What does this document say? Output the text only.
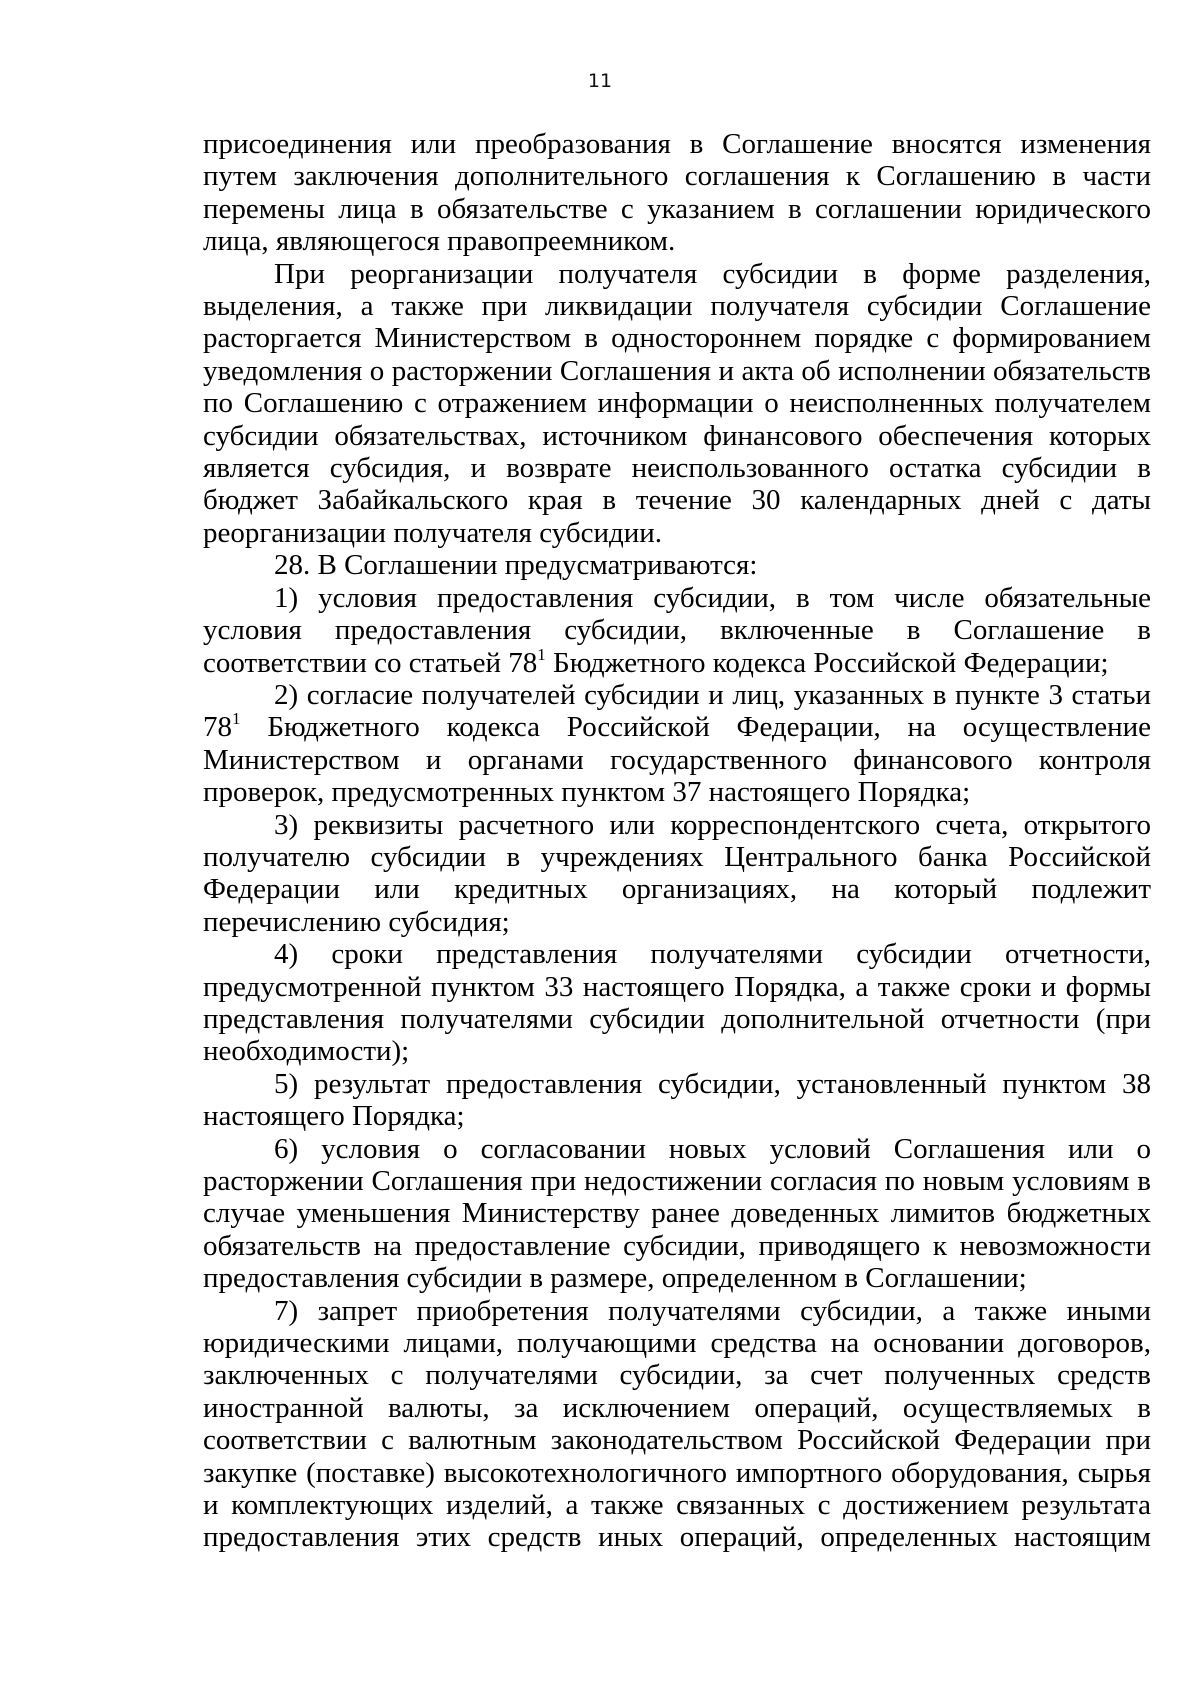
11

присоединения или преобразования в Соглашение вносятся изменения путем заключения дополнительного соглашения к Соглашению в части перемены лица в обязательстве с указанием в соглашении юридического лица, являющегося правопреемником.

При реорганизации получателя субсидии в форме разделения, выделения, а также при ликвидации получателя субсидии Соглашение расторгается Министерством в одностороннем порядке с формированием уведомления о расторжении Соглашения и акта об исполнении обязательств по Соглашению с отражением информации о неисполненных получателем субсидии обязательствах, источником финансового обеспечения которых является субсидия, и возврате неиспользованного остатка субсидии в бюджет Забайкальского края в течение 30 календарных дней с даты реорганизации получателя субсидии.

28. В Соглашении предусматриваются:

1) условия предоставления субсидии, в том числе обязательные условия предоставления субсидии, включенные в Соглашение в соответствии со статьей $78^1$ Бюджетного кодекса Российской Федерации;

2) согласие получателей субсидии и лиц, указанных в пункте 3 статьи $78^1$ Бюджетного кодекса Российской Федерации, на осуществление Министерством и органами государственного финансового контроля проверок, предусмотренных пунктом 37 настоящего Порядка;

3) реквизиты расчетного или корреспондентского счета, открытого получателю субсидии в учреждениях Центрального банка Российской Федерации или кредитных организациях, на который подлежит перечислению субсидия;

4) сроки представления получателями субсидии отчетности, предусмотренной пунктом 33 настоящего Порядка, а также сроки и формы представления получателями субсидии дополнительной отчетности (при необходимости);

5) результат предоставления субсидии, установленный пунктом 38 настоящего Порядка;

6) условия о согласовании новых условий Соглашения или о расторжении Соглашения при недостижении согласия по новым условиям в случае уменьшения Министерству ранее доведенных лимитов бюджетных обязательств на предоставление субсидии, приводящего к невозможности предоставления субсидии в размере, определенном в Соглашении;

7) запрет приобретения получателями субсидии, а также иными юридическими лицами, получающими средства на основании договоров, заключенных с получателями субсидии, за счет полученных средств иностранной валюты, за исключением операций, осуществляемых в соответствии с валютным законодательством Российской Федерации при закупке (поставке) высокотехнологичного импортного оборудования, сырья и комплектующих изделий, а также связанных с достижением результата предоставления этих средств иных операций, определенных настоящим
